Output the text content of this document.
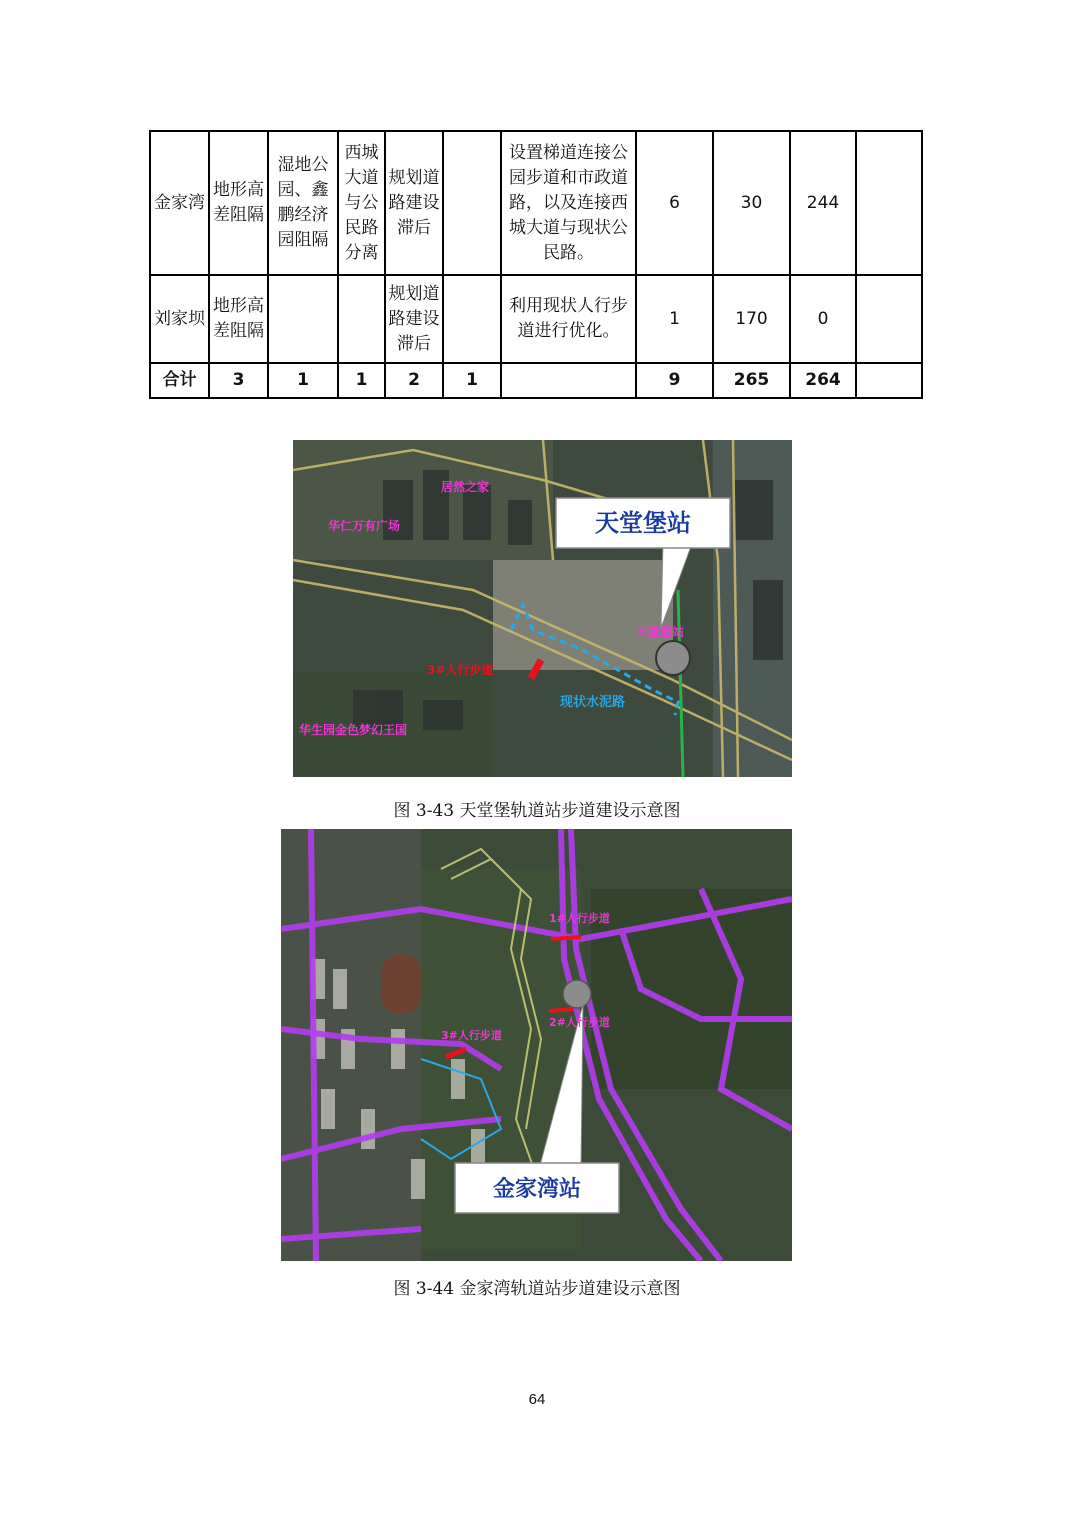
金家湾	地形高差阻隔	湿地公园、鑫鹏经济园阻隔	西城大道与公民路分离	规划道路建设滞后		设置梯道连接公园步道和市政道路，以及连接西城大道与现状公民路。	6	30	244	
刘家坝	地形高差阻隔			规划道路建设滞后		利用现状人行步道进行优化。	1	170	0	
合计	3	1	1	2	1		9	265	264	
天堂堡站
居然之家
华仁万有广场
天堂堡站
3#人行步道
现状水泥路
华生园金色梦幻王国
图 3-43 天堂堡轨道站步道建设示意图
金家湾站
1#人行步道
2#人行步道
3#人行步道
图 3-44 金家湾轨道站步道建设示意图
64
